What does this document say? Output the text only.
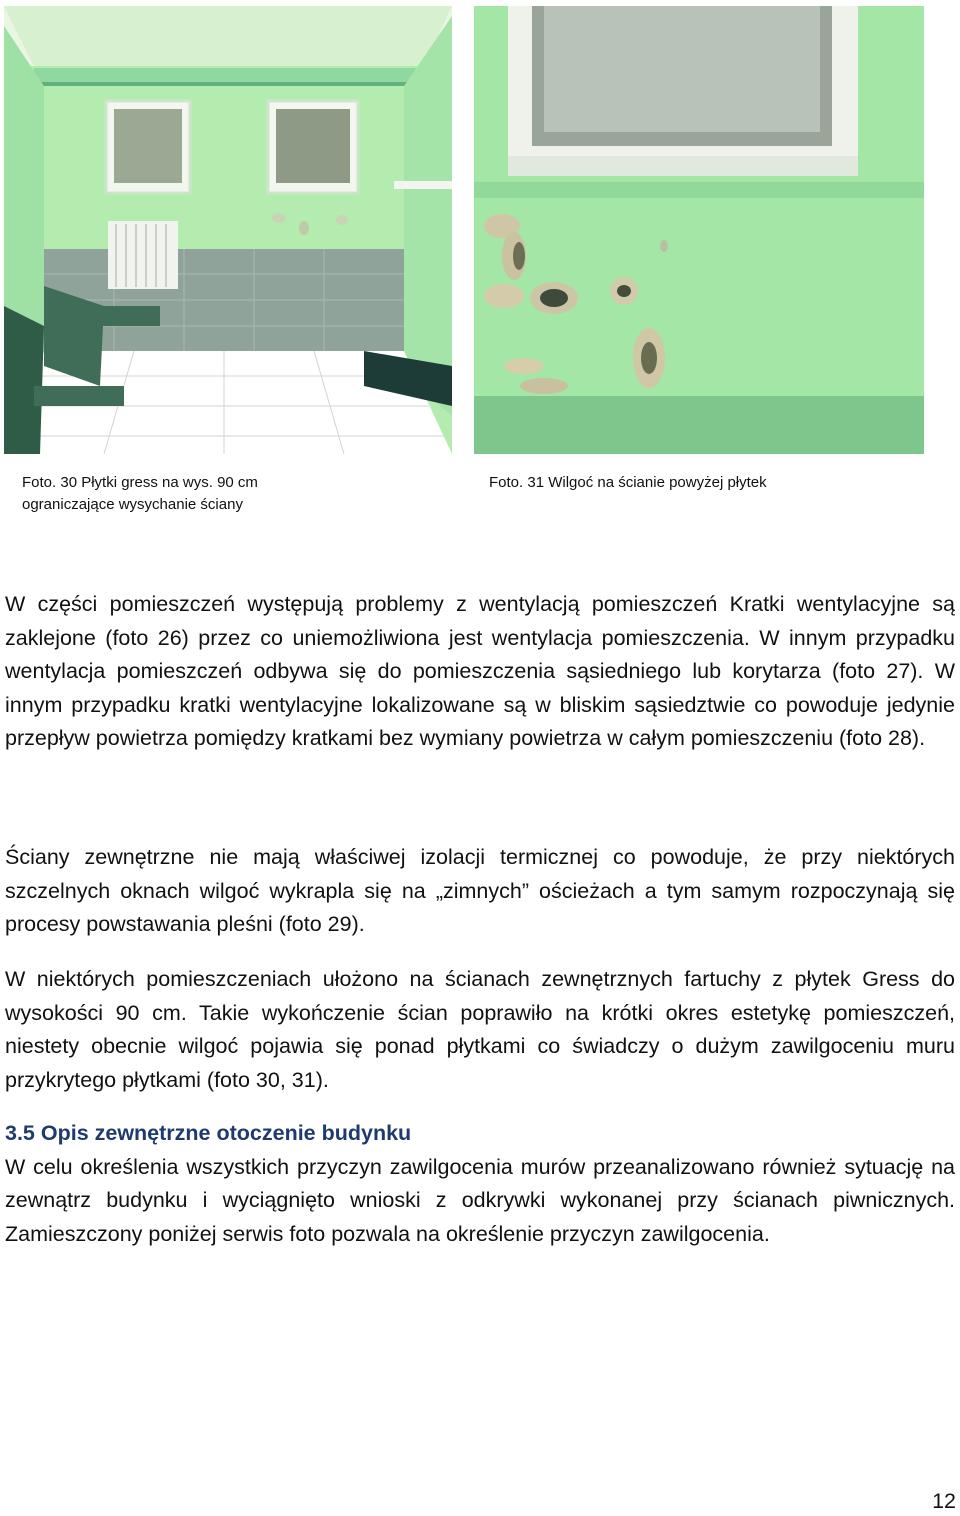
Foto. 30 Płytki gress na wys. 90 cm
ograniczające wysychanie ściany
Foto. 31 Wilgoć na ścianie powyżej płytek

W części pomieszczeń występują problemy z wentylacją pomieszczeń Kratki wentylacyjne są zaklejone (foto 26) przez co uniemożliwiona jest wentylacja pomieszczenia. W innym przypadku wentylacja pomieszczeń odbywa się do pomieszczenia sąsiedniego lub korytarza (foto 27). W innym przypadku kratki wentylacyjne lokalizowane są w bliskim sąsiedztwie co powoduje jedynie przepływ powietrza pomiędzy kratkami bez wymiany powietrza w całym pomieszczeniu (foto 28).

Ściany zewnętrzne nie mają właściwej izolacji termicznej co powoduje, że przy niektórych szczelnych oknach wilgoć wykrapla się na „zimnych” ościeżach a tym samym rozpoczynają się procesy powstawania pleśni (foto 29).

W niektórych pomieszczeniach ułożono na ścianach zewnętrznych fartuchy z płytek Gress do wysokości 90 cm. Takie wykończenie ścian poprawiło na krótki okres estetykę pomieszczeń, niestety obecnie wilgoć pojawia się ponad płytkami co świadczy o dużym zawilgoceniu muru przykrytego płytkami (foto 30, 31).

3.5 Opis zewnętrzne otoczenie budynku

W celu określenia wszystkich przyczyn zawilgocenia murów przeanalizowano również sytuację na zewnątrz budynku i wyciągnięto wnioski z odkrywki wykonanej przy ścianach piwnicznych. Zamieszczony poniżej serwis foto pozwala na określenie przyczyn zawilgocenia.

12
